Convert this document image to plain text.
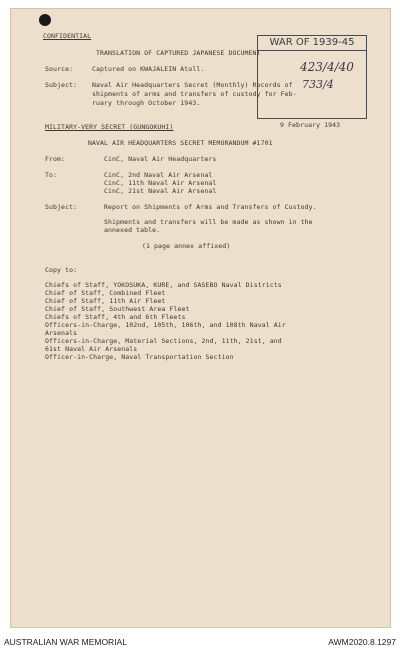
CONFIDENTIAL
TRANSLATION OF CAPTURED JAPANESE DOCUMENT
Source:	Captured on KWAJALEIN Atoll.
Subject: Naval Air Headquarters Secret (Monthly) Records of
shipments of arms and transfers of custody for Feb-
ruary through October 1943.
WAR OF 1939-45
423/4/40
733/4
MILITARY-VERY SECRET (GUNGOKUHI)	9 February 1943
NAVAL AIR HEADQUARTERS SECRET MEMORANDUM #1701
From:	CinC, Naval Air Headquarters
To:	CinC, 2nd Naval Air Arsenal
CinC, 11th Naval Air Arsenal
CinC, 21st Naval Air Arsenal
Subject:	Report on Shipments of Arms and Transfers of Custody.
Shipments and transfers will be made as shown in the
annexed table.
(1 page annex affixed)
Copy to:
Chiefs of Staff, YOKOSUKA, KURE, and SASEBO Naval Districts
Chief of Staff, Combined Fleet
Chief of Staff, 11th Air Fleet
Chief of Staff, Southwest Area Fleet
Chiefs of Staff, 4th and 6th Fleets
Officers-in-Charge, 102nd, 105th, 106th, and 108th Naval Air
Arsenals
Officers-in-Charge, Material Sections, 2nd, 11th, 21st, and
61st Naval Air Arsenals
Officer-in-Charge, Naval Transportation Section
AUSTRALIAN WAR MEMORIAL	AWM2020.8.1297
